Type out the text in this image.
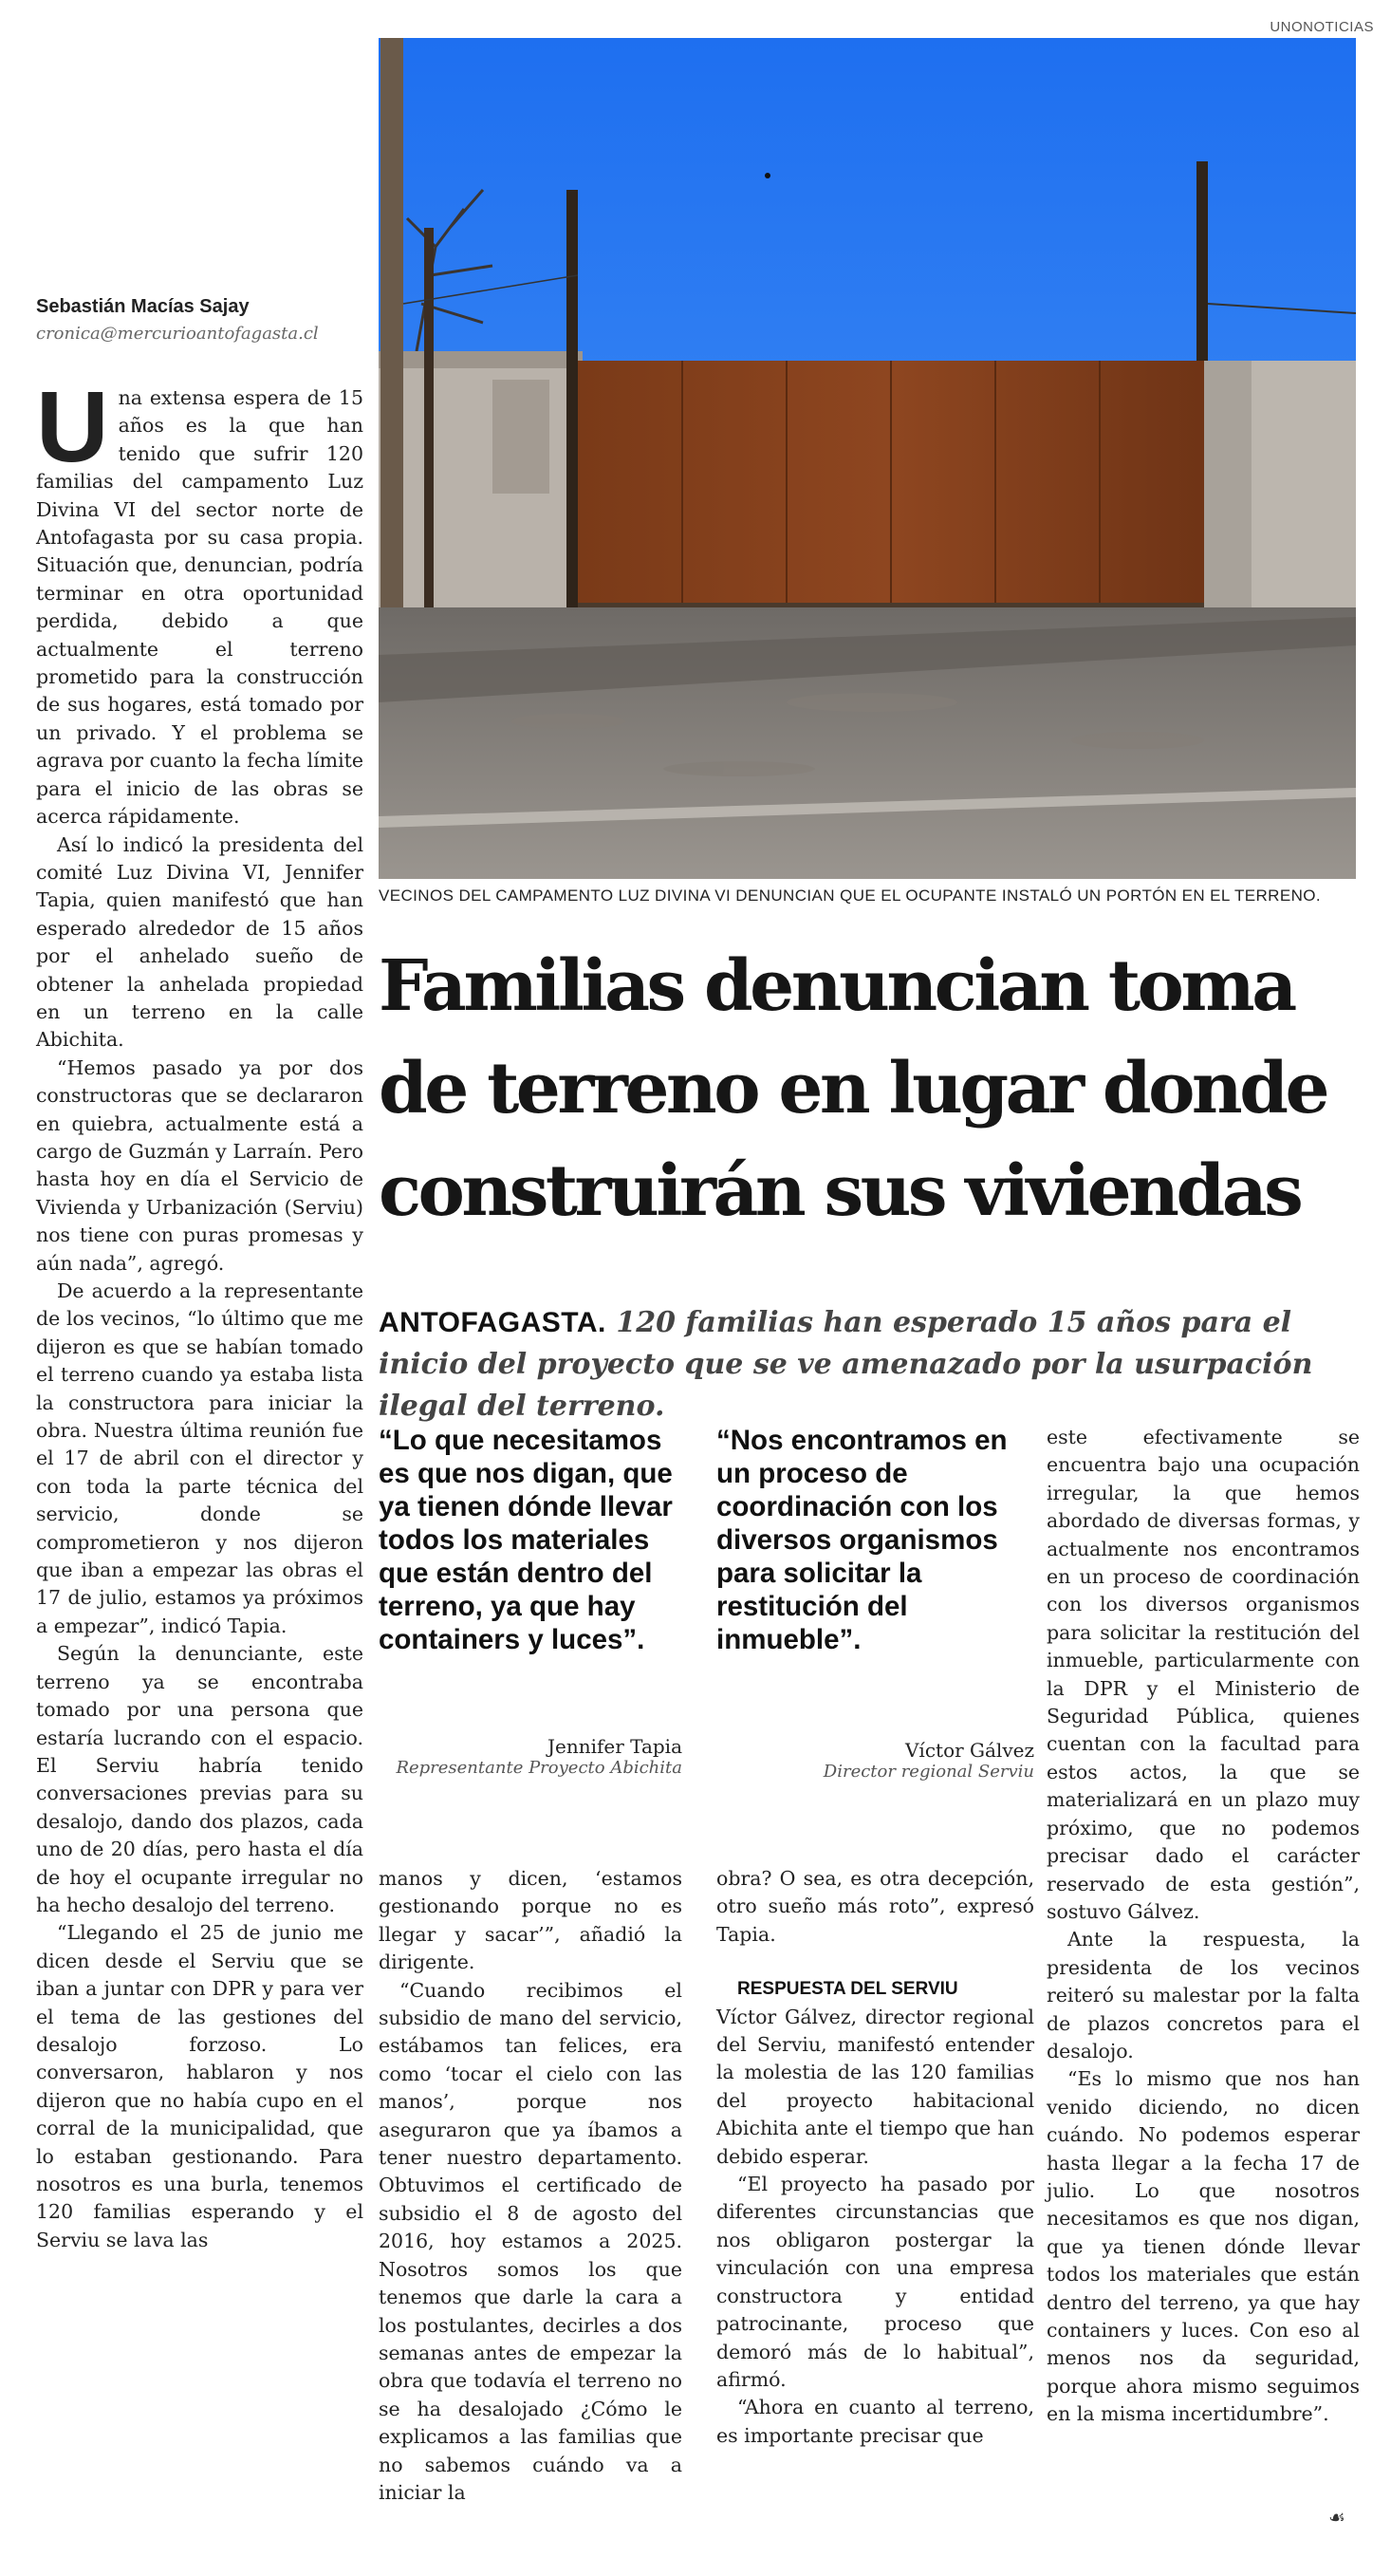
UNONOTICIAS

Sebastián Macías Sajay

cronica@mercurioantofagasta.cl

VECINOS DEL CAMPAMENTO LUZ DIVINA VI DENUNCIAN QUE EL OCUPANTE INSTALÓ UN PORTÓN EN EL TERRENO.
Familias denuncian toma de terreno en lugar donde construirán sus viviendas

ANTOFAGASTA. 120 familias han esperado 15 años para el inicio del proyecto que se ve amenazado por la usurpación ilegal del terreno.

Una extensa espera de 15 años es la que han tenido que sufrir 120 familias del campamento Luz Divina VI del sector norte de Antofagasta por su casa propia. Situación que, denuncian, podría terminar en otra oportunidad perdida, debido a que actualmente el terreno prometido para la construcción de sus hogares, está tomado por un privado. Y el problema se agrava por cuanto la fecha límite para el inicio de las obras se acerca rápidamente.

Así lo indicó la presidenta del comité Luz Divina VI, Jennifer Tapia, quien manifestó que han esperado alrededor de 15 años por el anhelado sueño de obtener la anhelada propiedad en un terreno en la calle Abichita.

“Hemos pasado ya por dos constructoras que se declararon en quiebra, actualmente está a cargo de Guzmán y Larraín. Pero hasta hoy en día el Servicio de Vivienda y Urbanización (Serviu) nos tiene con puras promesas y aún nada”, agregó.

De acuerdo a la representante de los vecinos, “lo último que me dijeron es que se habían tomado el terreno cuando ya estaba lista la constructora para iniciar la obra. Nuestra última reunión fue el 17 de abril con el director y con toda la parte técnica del servicio, donde se comprometieron y nos dijeron que iban a empezar las obras el 17 de julio, estamos ya próximos a empezar”, indicó Tapia.

Según la denunciante, este terreno ya se encontraba tomado por una persona que estaría lucrando con el espacio. El Serviu habría tenido conversaciones previas para su desalojo, dando dos plazos, cada uno de 20 días, pero hasta el día de hoy el ocupante irregular no ha hecho desalojo del terreno.

“Llegando el 25 de junio me dicen desde el Serviu que se iban a juntar con DPR y para ver el tema de las gestiones del desalojo forzoso. Lo conversaron, hablaron y nos dijeron que no había cupo en el corral de la municipalidad, que lo estaban gestionando. Para nosotros es una burla, tenemos 120 familias esperando y el Serviu se lava las

“Lo que necesitamos es que nos digan, que ya tienen dónde llevar todos los materiales que están dentro del terreno, ya que hay containers y luces”.

Jennifer Tapia
Representante Proyecto Abichita

“Nos encontramos en un proceso de coordinación con los diversos organismos para solicitar la restitución del inmueble”.

Víctor Gálvez
Director regional Serviu

manos y dicen, ‘estamos gestionando porque no es llegar y sacar’”, añadió la dirigente.

“Cuando recibimos el subsidio de mano del servicio, estábamos tan felices, era como ‘tocar el cielo con las manos’, porque nos aseguraron que ya íbamos a tener nuestro departamento. Obtuvimos el certificado de subsidio el 8 de agosto del 2016, hoy estamos a 2025. Nosotros somos los que tenemos que darle la cara a los postulantes, decirles a dos semanas antes de empezar la obra que todavía el terreno no se ha desalojado ¿Cómo le explicamos a las familias que no sabemos cuándo va a iniciar la

obra? O sea, es otra decepción, otro sueño más roto”, expresó Tapia.

RESPUESTA DEL SERVIU

Víctor Gálvez, director regional del Serviu, manifestó entender la molestia de las 120 familias del proyecto habitacional Abichita ante el tiempo que han debido esperar.

“El proyecto ha pasado por diferentes circunstancias que nos obligaron postergar la vinculación con una empresa constructora y entidad patrocinante, proceso que demoró más de lo habitual”, afirmó.

“Ahora en cuanto al terreno, es importante precisar que

este efectivamente se encuentra bajo una ocupación irregular, la que hemos abordado de diversas formas, y actualmente nos encontramos en un proceso de coordinación con los diversos organismos para solicitar la restitución del inmueble, particularmente con la DPR y el Ministerio de Seguridad Pública, quienes cuentan con la facultad para estos actos, la que se materializará en un plazo muy próximo, que no podemos precisar dado el carácter reservado de esta gestión”, sostuvo Gálvez.

Ante la respuesta, la presidenta de los vecinos reiteró su malestar por la falta de plazos concretos para el desalojo.

“Es lo mismo que nos han venido diciendo, no dicen cuándo. No podemos esperar hasta llegar a la fecha 17 de julio. Lo que nosotros necesitamos es que nos digan, que ya tienen dónde llevar todos los materiales que están dentro del terreno, ya que hay containers y luces. Con eso al menos nos da seguridad, porque ahora mismo seguimos en la misma incertidumbre”.

☙
